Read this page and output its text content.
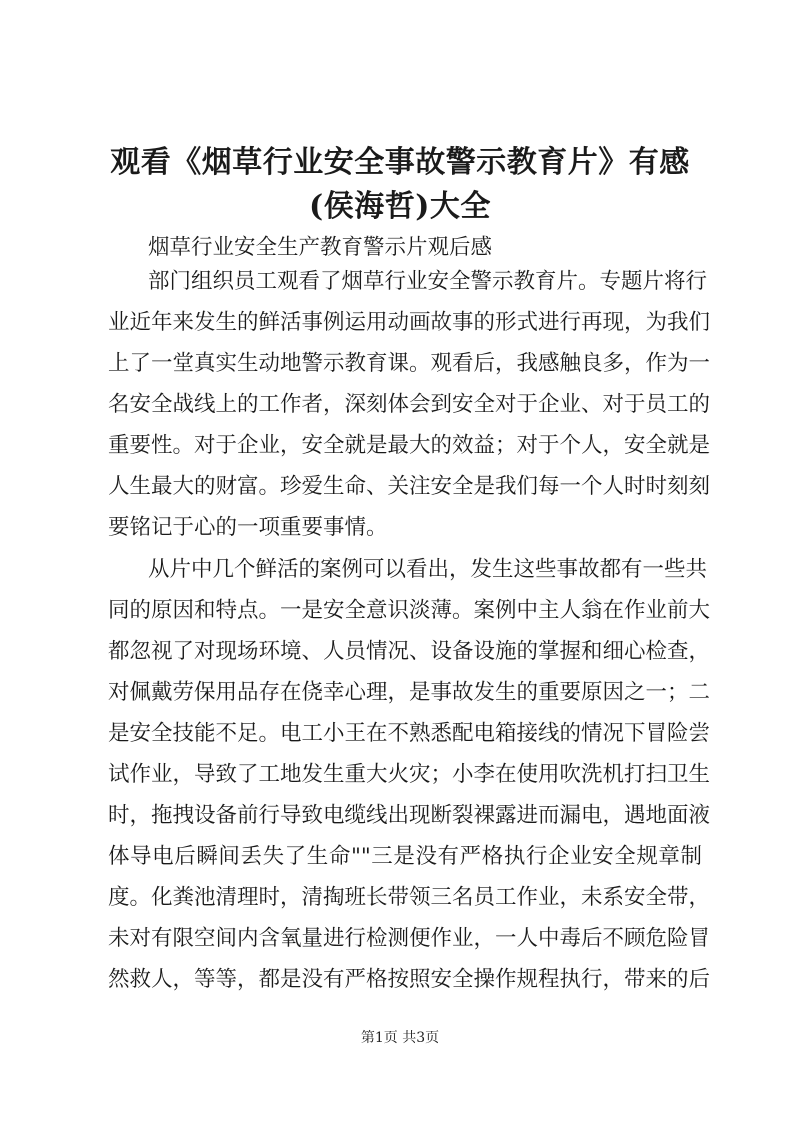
观看《烟草行业安全事故警示教育片》有感
(侯海哲)大全
烟草行业安全生产教育警示片观后感
部门组织员工观看了烟草行业安全警示教育片。专题片将行
业近年来发生的鲜活事例运用动画故事的形式进行再现，为我们
上了一堂真实生动地警示教育课。观看后，我感触良多，作为一
名安全战线上的工作者，深刻体会到安全对于企业、对于员工的
重要性。对于企业，安全就是最大的效益；对于个人，安全就是
人生最大的财富。珍爱生命、关注安全是我们每一个人时时刻刻
要铭记于心的一项重要事情。
从片中几个鲜活的案例可以看出，发生这些事故都有一些共
同的原因和特点。一是安全意识淡薄。案例中主人翁在作业前大
都忽视了对现场环境、人员情况、设备设施的掌握和细心检查，
对佩戴劳保用品存在侥幸心理，是事故发生的重要原因之一；二
是安全技能不足。电工小王在不熟悉配电箱接线的情况下冒险尝
试作业，导致了工地发生重大火灾；小李在使用吹洗机打扫卫生
时，拖拽设备前行导致电缆线出现断裂裸露进而漏电，遇地面液
体导电后瞬间丢失了生命""三是没有严格执行企业安全规章制
度。化粪池清理时，清掏班长带领三名员工作业，未系安全带，
未对有限空间内含氧量进行检测便作业，一人中毒后不顾危险冒
然救人，等等，都是没有严格按照安全操作规程执行，带来的后
第1页 共3页
